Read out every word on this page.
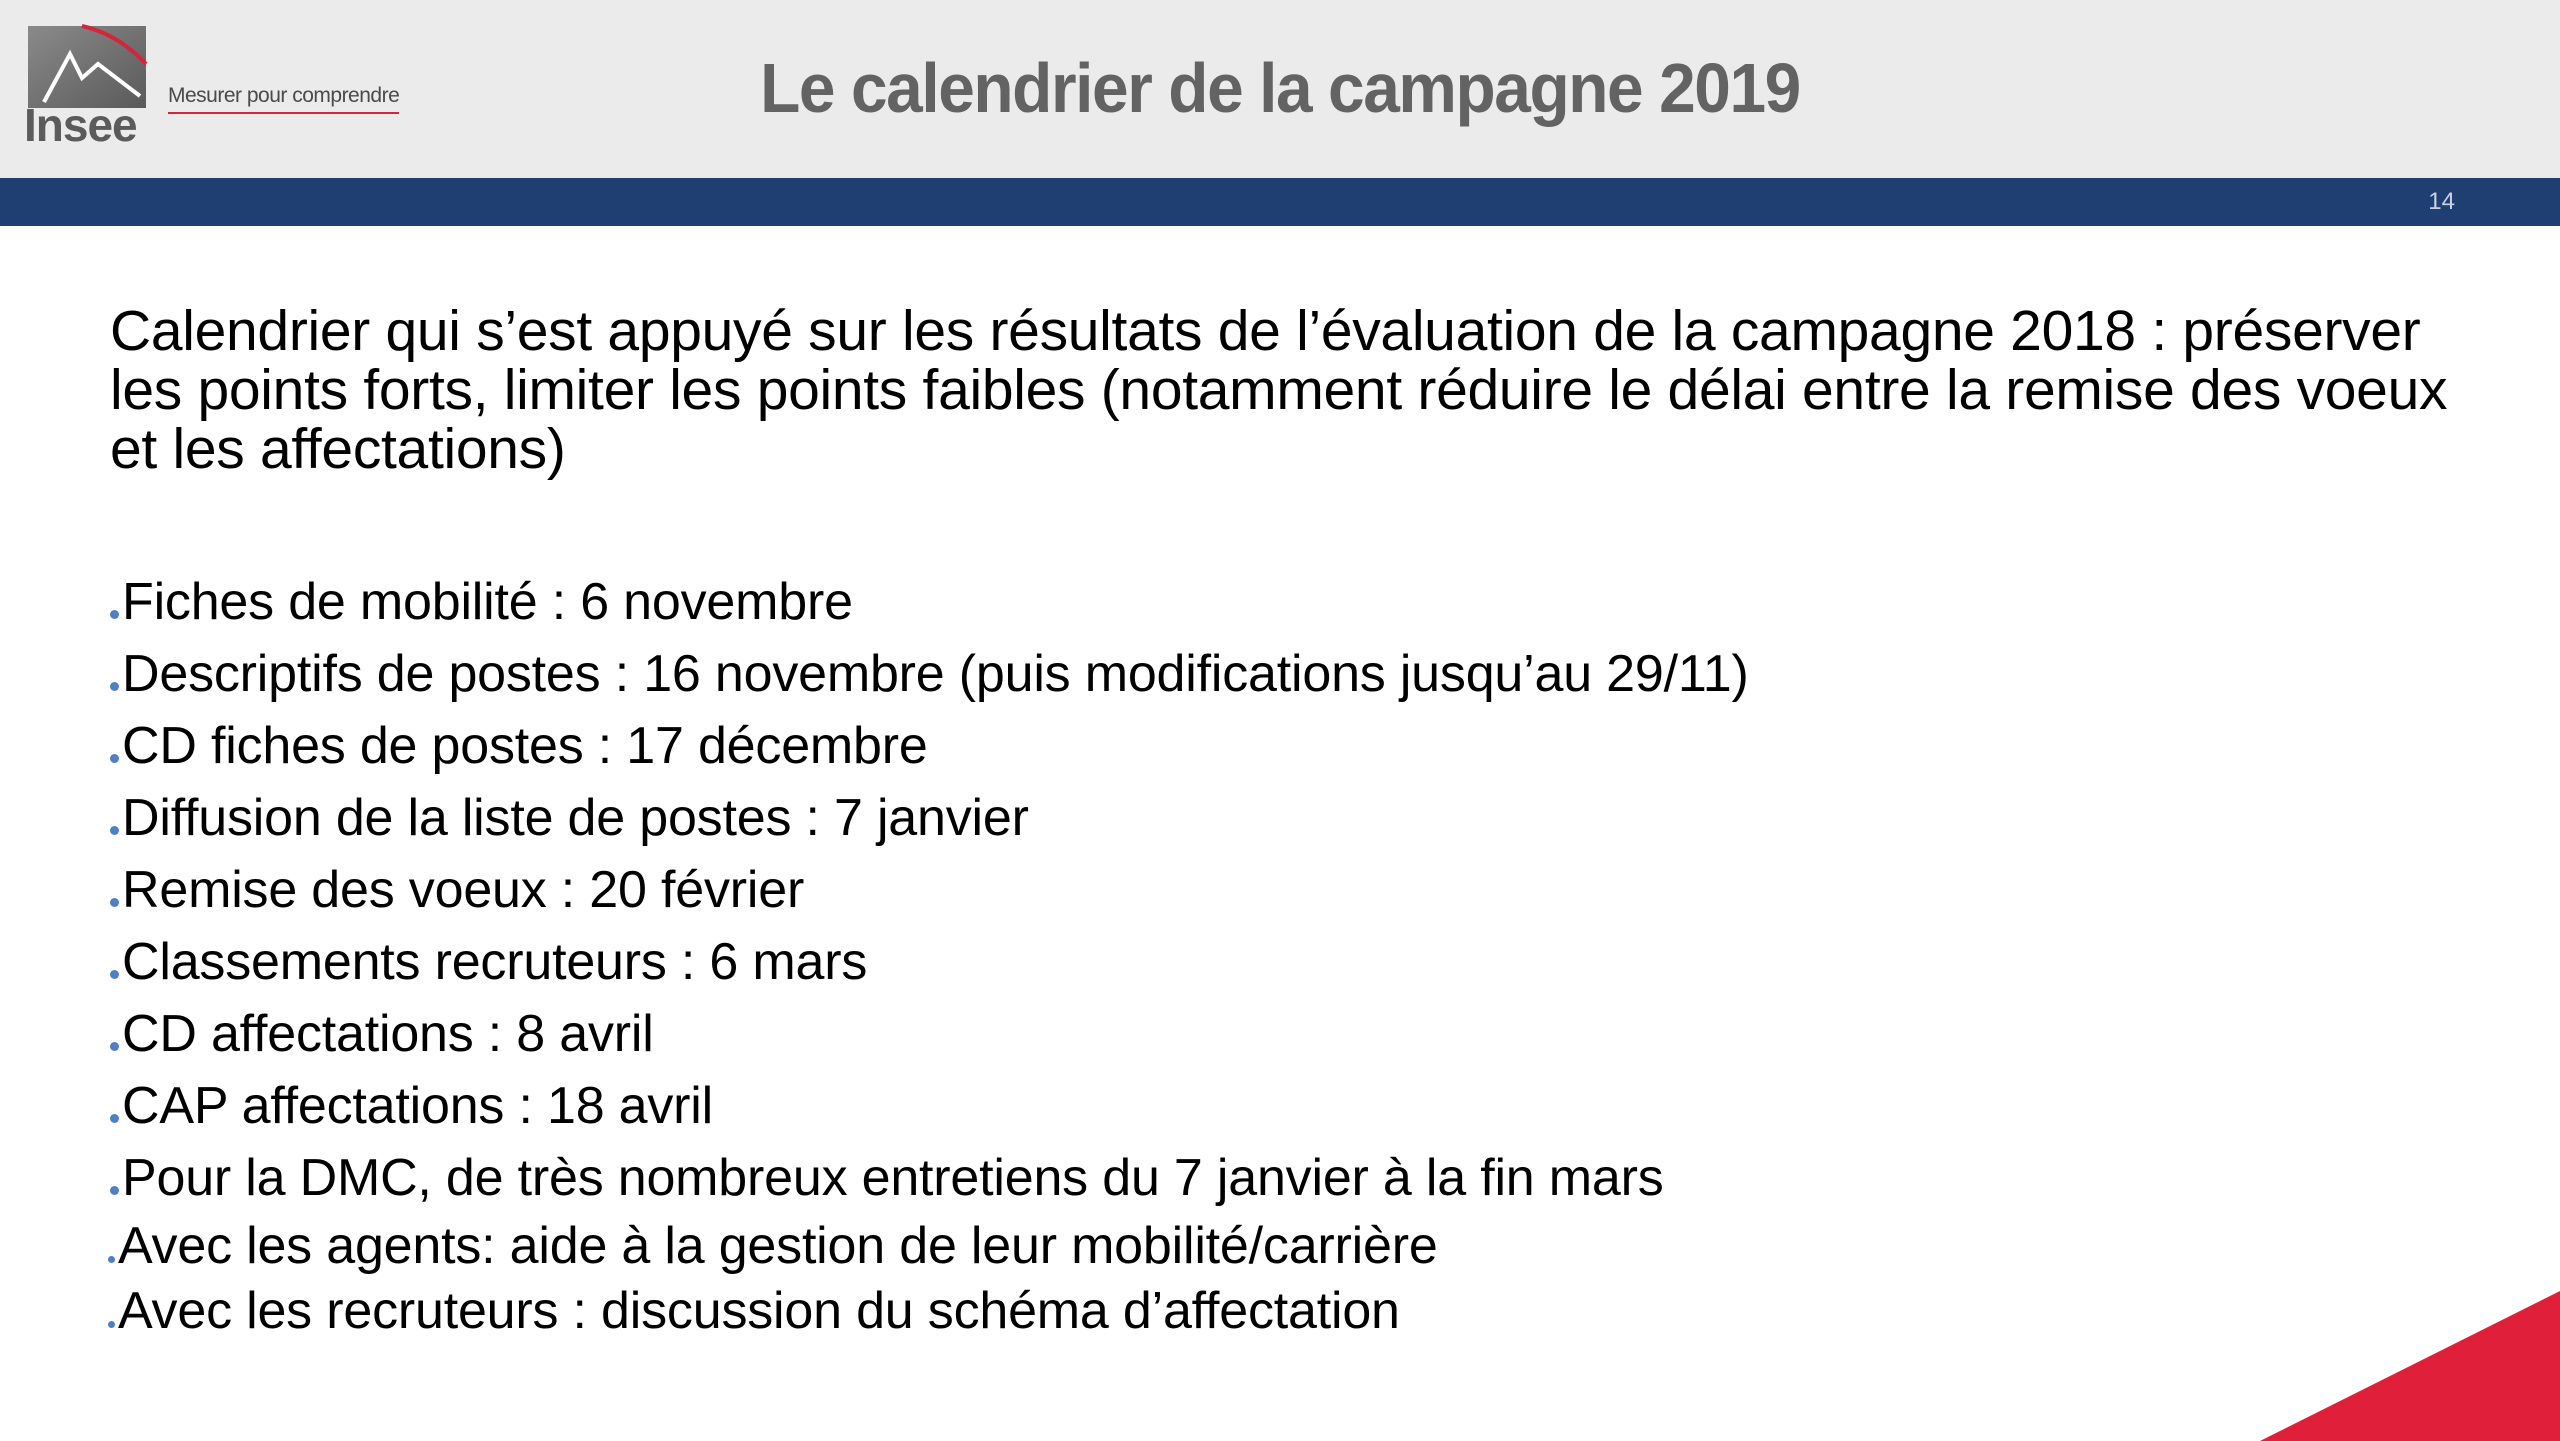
Insee
Mesurer pour comprendre	Le calendrier de la campagne 2019
14
Calendrier qui s’est appuyé sur les résultats de l’évaluation de la campagne 2018 : préserver les points forts, limiter les points faibles (notamment réduire le délai entre la remise des voeux et les affectations)
Fiches de mobilité : 6 novembre
Descriptifs de postes : 16 novembre (puis modifications jusqu’au 29/11)
CD fiches de postes : 17 décembre
Diffusion de la liste de postes : 7 janvier
Remise des voeux : 20 février
Classements recruteurs : 6 mars
CD affectations : 8 avril
CAP affectations : 18 avril
Pour la DMC, de très nombreux entretiens du 7 janvier à la fin mars
Avec les agents: aide à la gestion de leur mobilité/carrière
Avec les recruteurs : discussion du schéma d’affectation
